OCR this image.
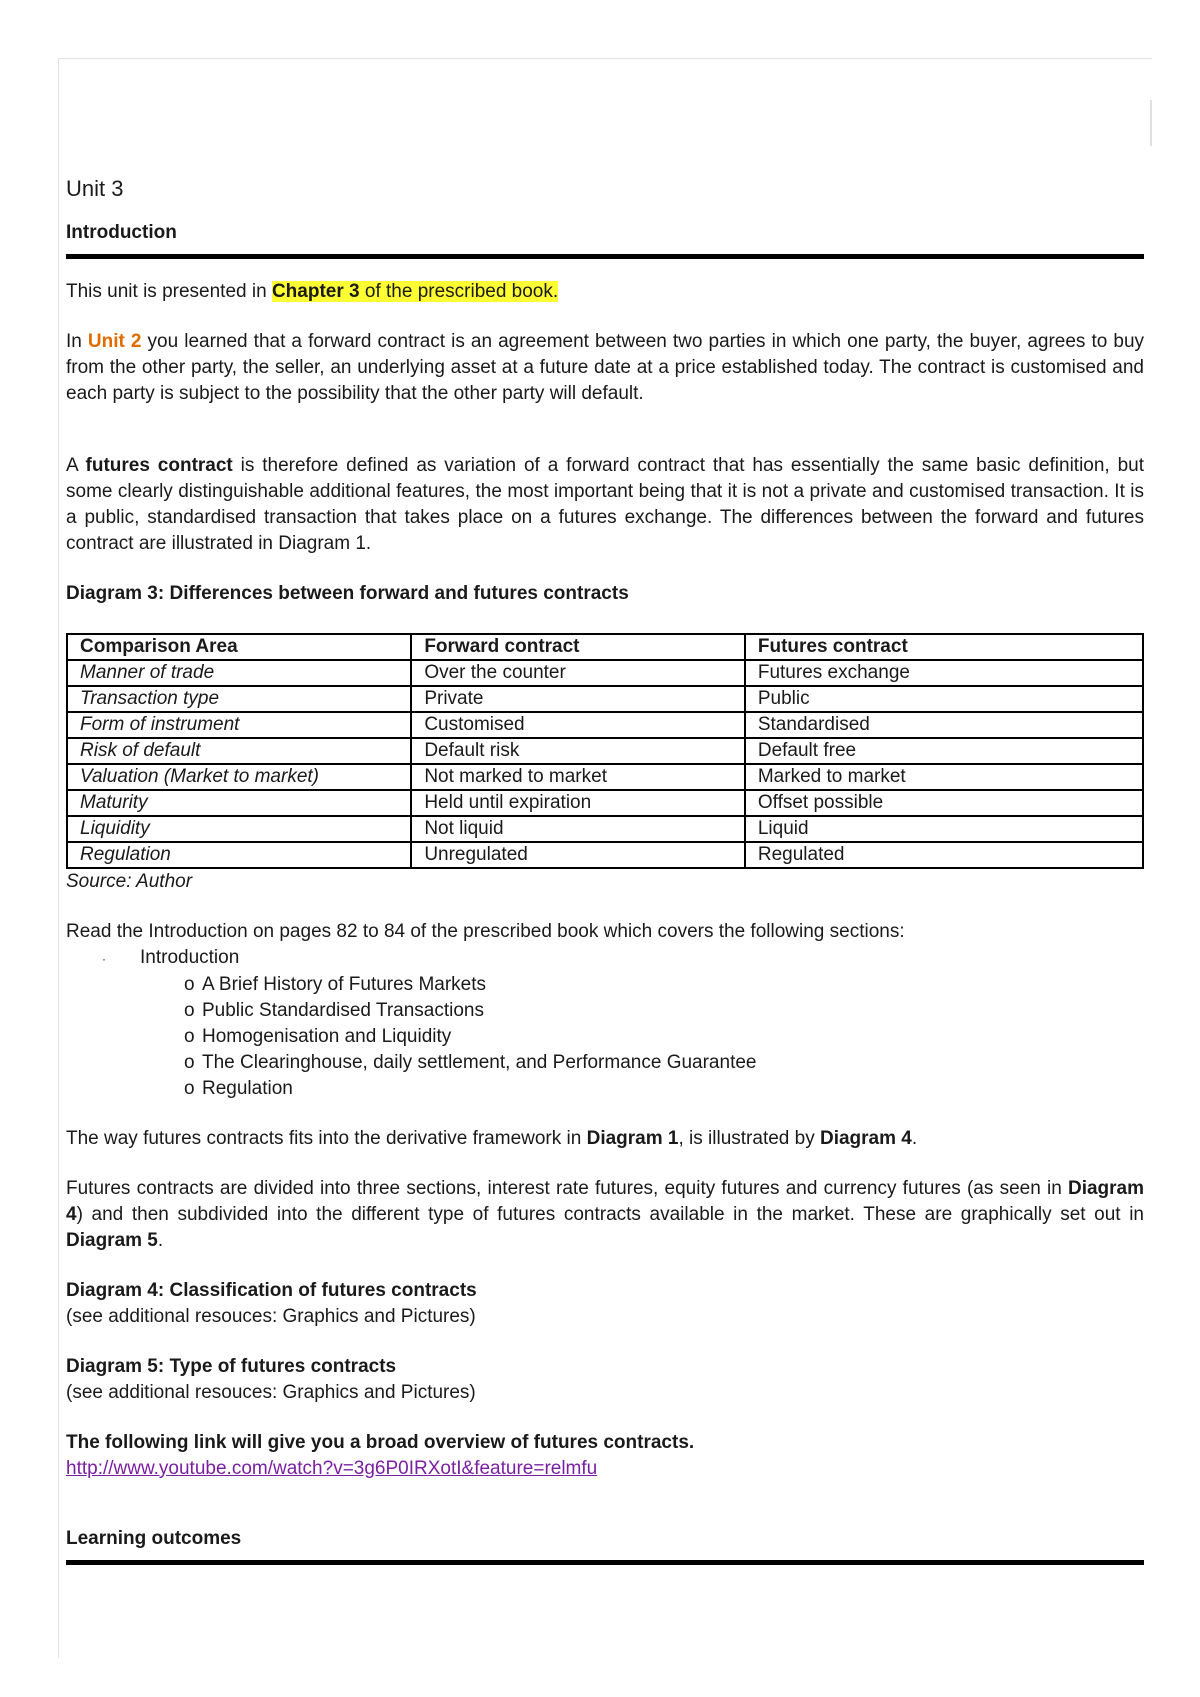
Unit 3
Introduction

This unit is presented in Chapter 3 of the prescribed book.

In Unit 2 you learned that a forward contract is an agreement between two parties in which one party, the buyer, agrees to buy from the other party, the seller, an underlying asset at a future date at a price established today. The contract is customised and each party is subject to the possibility that the other party will default.

A futures contract is therefore defined as variation of a forward contract that has essentially the same basic definition, but some clearly distinguishable additional features, the most important being that it is not a private and customised transaction. It is a public, standardised transaction that takes place on a futures exchange. The differences between the forward and futures contract are illustrated in Diagram 1.

Diagram 3: Differences between forward and futures contracts
Comparison Area	Forward contract	Futures contract
Manner of trade	Over the counter	Futures exchange
Transaction type	Private	Public
Form of instrument	Customised	Standardised
Risk of default	Default risk	Default free
Valuation (Market to market)	Not marked to market	Marked to market
Maturity	Held until expiration	Offset possible
Liquidity	Not liquid	Liquid
Regulation	Unregulated	Regulated
Source: Author
Read the Introduction on pages 82 to 84 of the prescribed book which covers the following sections:
· Introduction
o A Brief History of Futures Markets
o Public Standardised Transactions
o Homogenisation and Liquidity
o The Clearinghouse, daily settlement, and Performance Guarantee
o Regulation

The way futures contracts fits into the derivative framework in Diagram 1, is illustrated by Diagram 4.

Futures contracts are divided into three sections, interest rate futures, equity futures and currency futures (as seen in Diagram 4) and then subdivided into the different type of futures contracts available in the market. These are graphically set out in Diagram 5.

Diagram 4: Classification of futures contracts
(see additional resouces: Graphics and Pictures)
Diagram 5: Type of futures contracts
(see additional resouces: Graphics and Pictures)
The following link will give you a broad overview of futures contracts.
http://www.youtube.com/watch?v=3g6P0IRXotI&feature=relmfu
Learning outcomes
